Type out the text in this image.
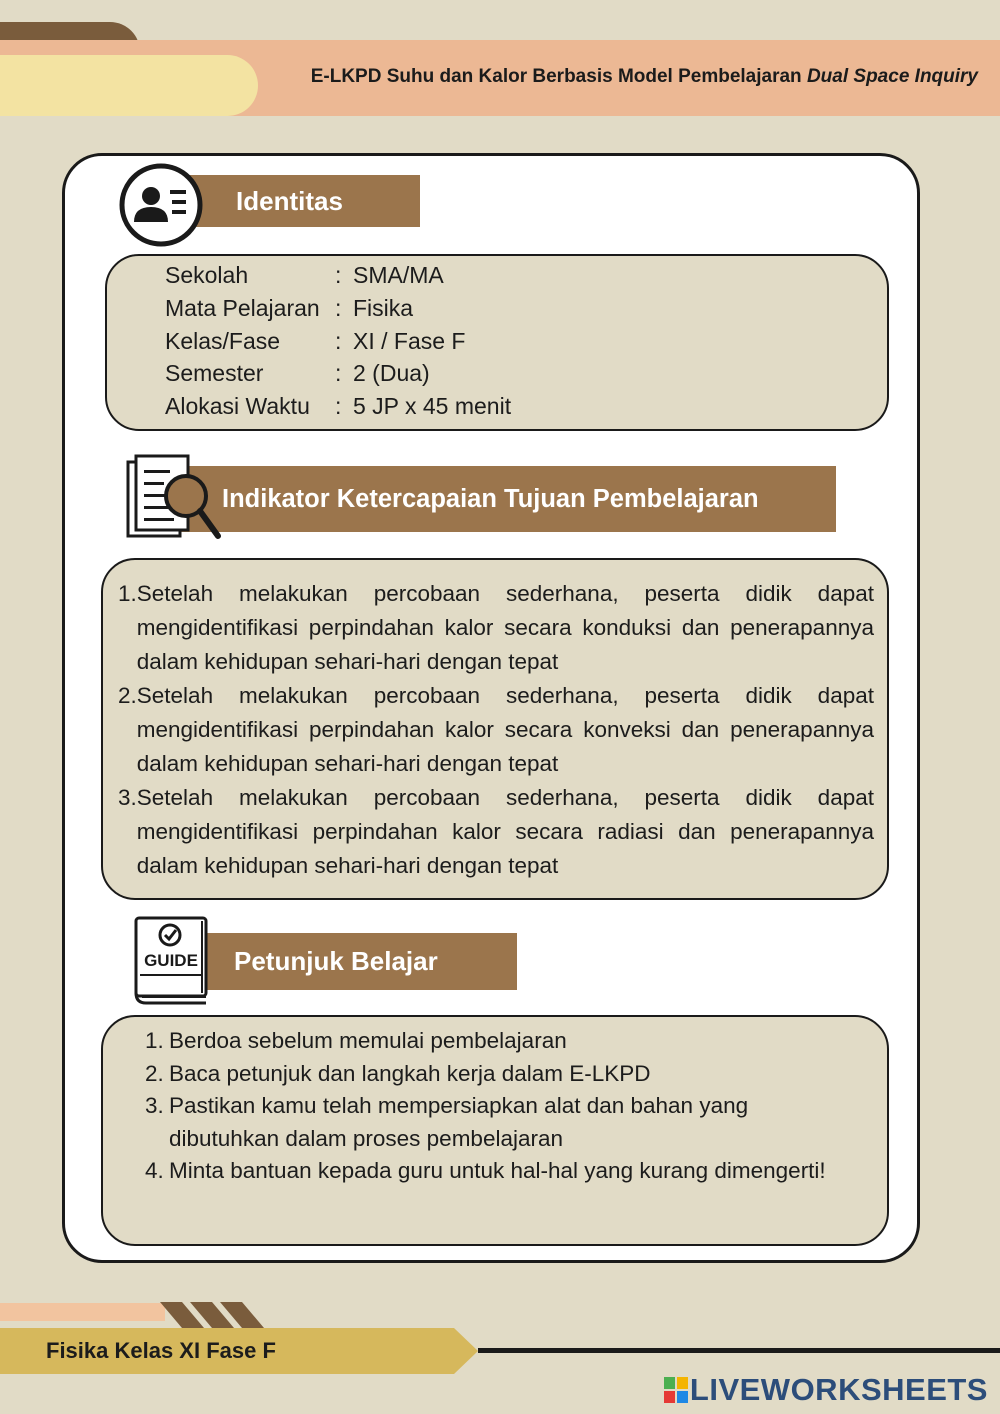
E-LKPD Suhu dan Kalor Berbasis Model Pembelajaran Dual Space Inquiry
Identitas
Sekolah	: SMA/MA
Mata Pelajaran : Fisika
Kelas/Fase : XI / Fase F
Semester	: 2 (Dua)
Alokasi Waktu : 5 JP x 45 menit
Indikator Ketercapaian Tujuan Pembelajaran
1. Setelah melakukan percobaan sederhana, peserta didik dapat mengidentifikasi perpindahan kalor secara konduksi dan penerapannya dalam kehidupan sehari-hari dengan tepat
2. Setelah melakukan percobaan sederhana, peserta didik dapat mengidentifikasi perpindahan kalor secara konveksi dan penerapannya dalam kehidupan sehari-hari dengan tepat
3. Setelah melakukan percobaan sederhana, peserta didik dapat mengidentifikasi perpindahan kalor secara radiasi dan penerapannya dalam kehidupan sehari-hari dengan tepat
Petunjuk Belajar
GUIDE
1. Berdoa sebelum memulai pembelajaran
2. Baca petunjuk dan langkah kerja dalam E-LKPD
3. Pastikan kamu telah mempersiapkan alat dan bahan yang dibutuhkan dalam proses pembelajaran
4. Minta bantuan kepada guru untuk hal-hal yang kurang dimengerti!
Fisika Kelas XI Fase F
LIVEWORKSHEETS
